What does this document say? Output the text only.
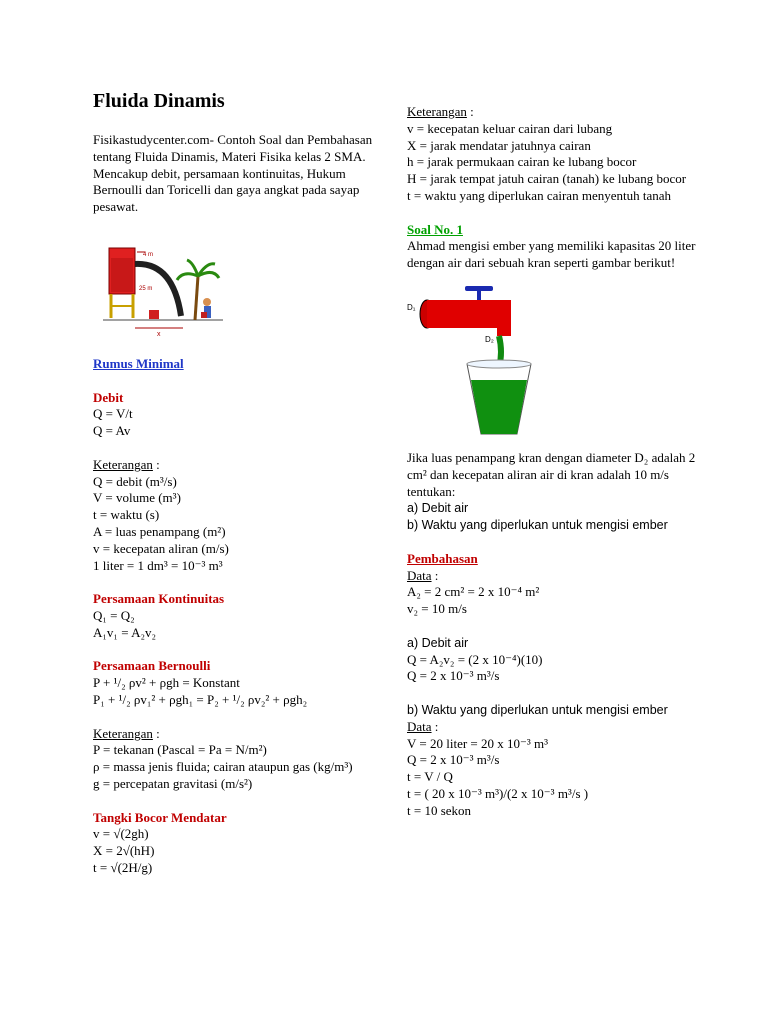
Fluida Dinamis

Fisikastudycenter.com- Contoh Soal dan Pembahasan tentang Fluida Dinamis, Materi Fisika kelas 2 SMA. Mencakup debit, persamaan kontinuitas, Hukum Bernoulli dan Toricelli dan gaya angkat pada sayap pesawat.

4 m
25 m
x
Rumus Minimal
Debit
Q = V/t
Q = Av
Keterangan :
Q = debit (m³/s)
V = volume (m³)
t = waktu (s)
A = luas penampang (m²)
v = kecepatan aliran (m/s)
1 liter = 1 dm³ = 10⁻³ m³
Persamaan Kontinuitas
Q₁ = Q₂
A₁v₁ = A₂v₂
Persamaan Bernoulli
P + ¹/₂ ρv² + ρgh = Konstant
P₁ + ¹/₂ ρv₁² + ρgh₁ = P₂ + ¹/₂ ρv₂² + ρgh₂
Keterangan :
P = tekanan (Pascal = Pa = N/m²)
ρ = massa jenis fluida; cairan ataupun gas (kg/m³)
g = percepatan gravitasi (m/s²)
Tangki Bocor Mendatar
v = √(2gh)
X = 2√(hH)
t = √(2H/g)
Keterangan :
v = kecepatan keluar cairan dari lubang
X = jarak mendatar jatuhnya cairan
h = jarak permukaan cairan ke lubang bocor
H = jarak tempat jatuh cairan (tanah) ke lubang bocor
t = waktu yang diperlukan cairan menyentuh tanah
Soal No. 1

Ahmad mengisi ember yang memiliki kapasitas 20 liter dengan air dari sebuah kran seperti gambar berikut!

D₁
D₂

Jika luas penampang kran dengan diameter D₂ adalah 2 cm² dan kecepatan aliran air di kran adalah 10 m/s tentukan:

a) Debit air
b) Waktu yang diperlukan untuk mengisi ember
Pembahasan
Data :
A₂ = 2 cm² = 2 x 10⁻⁴ m²
v₂ = 10 m/s
a) Debit air
Q = A₂v₂ = (2 x 10⁻⁴)(10)
Q = 2 x 10⁻³ m³/s
b) Waktu yang diperlukan untuk mengisi ember
Data :
V = 20 liter = 20 x 10⁻³ m³
Q = 2 x 10⁻³ m³/s
t = V / Q
t = ( 20 x 10⁻³ m³)/(2 x 10⁻³ m³/s )
t = 10 sekon
